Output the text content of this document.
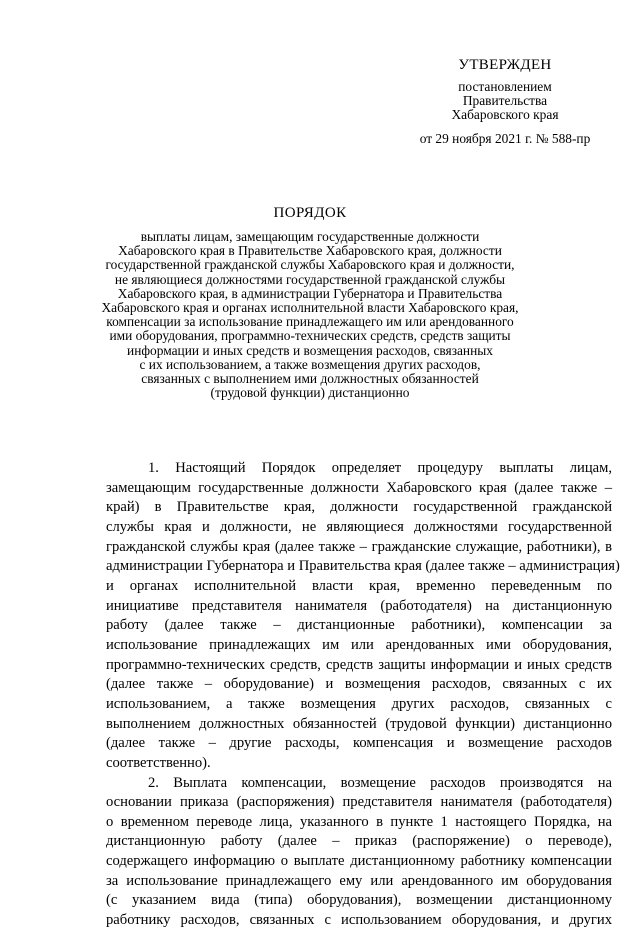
УТВЕРЖДЕН
постановлением
Правительства
Хабаровского края
от 29 ноября 2021 г. № 588-пр
ПОРЯДОК
выплаты лицам, замещающим государственные должности
Хабаровского края в Правительстве Хабаровского края, должности
государственной гражданской службы Хабаровского края и должности,
не являющиеся должностями государственной гражданской службы
Хабаровского края, в администрации Губернатора и Правительства
Хабаровского края и органах исполнительной власти Хабаровского края,
компенсации за использование принадлежащего им или арендованного
ими оборудования, программно-технических средств, средств защиты
информации и иных средств и возмещения расходов, связанных
с их использованием, а также возмещения других расходов,
связанных с выполнением ими должностных обязанностей
(трудовой функции) дистанционно
1. Настоящий Порядок определяет процедуру выплаты лицам,
замещающим государственные должности Хабаровского края (далее также –
край) в Правительстве края, должности государственной гражданской
службы края и должности, не являющиеся должностями государственной
гражданской службы края (далее также – гражданские служащие, работники), в
администрации Губернатора и Правительства края (далее также – администрация)
и органах исполнительной власти края, временно переведенным по
инициативе представителя нанимателя (работодателя) на дистанционную
работу (далее также – дистанционные работники), компенсации за
использование принадлежащих им или арендованных ими оборудования,
программно-технических средств, средств защиты информации и иных средств
(далее также – оборудование) и возмещения расходов, связанных с их
использованием, а также возмещения других расходов, связанных с
выполнением должностных обязанностей (трудовой функции) дистанционно
(далее также – другие расходы, компенсация и возмещение расходов
соответственно).
2. Выплата компенсации, возмещение расходов производятся на
основании приказа (распоряжения) представителя нанимателя (работодателя)
о временном переводе лица, указанного в пункте 1 настоящего Порядка, на
дистанционную работу (далее – приказ (распоряжение) о переводе),
содержащего информацию о выплате дистанционному работнику компенсации
за использование принадлежащего ему или арендованного им оборудования
(с указанием вида (типа) оборудования), возмещении дистанционному
работнику расходов, связанных с использованием оборудования, и других
